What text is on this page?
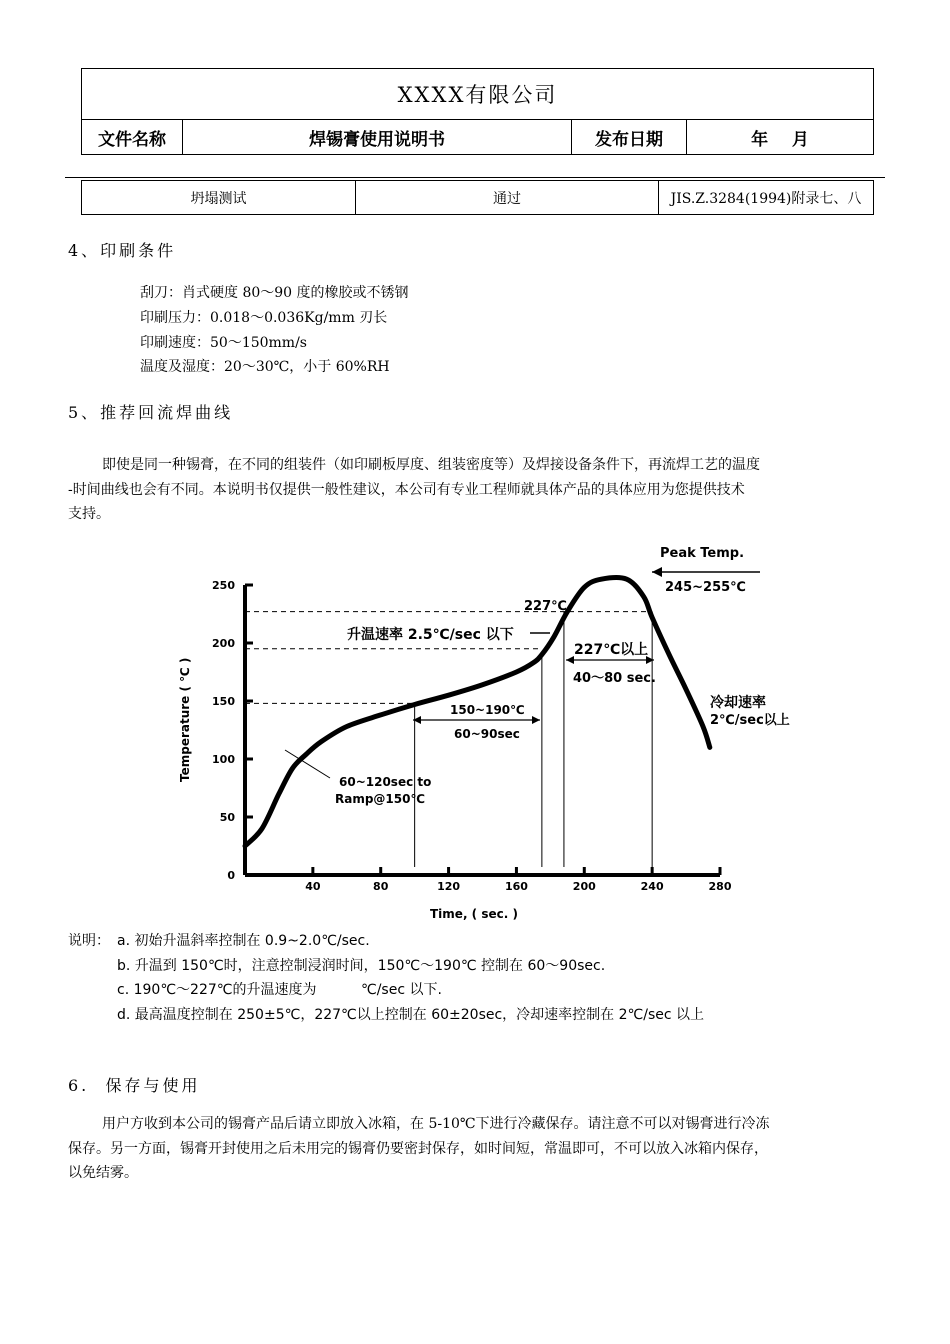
XXXX有限公司
文件名称	焊锡膏使用说明书	发布日期	年    月
坍塌测试	通过	JIS.Z.3284(1994)附录七、八
4、印刷条件
刮刀：肖式硬度 80～90 度的橡胶或不锈钢
印刷压力：0.018～0.036Kg/mm 刃长
印刷速度：50～150mm/s
温度及湿度：20～30℃，小于 60%RH
5、推荐回流焊曲线
即使是同一种锡膏，在不同的组装件（如印刷板厚度、组装密度等）及焊接设备条件下，再流焊工艺的温度
-时间曲线也会有不同。本说明书仅提供一般性建议，本公司有专业工程师就具体产品的具体应用为您提供技术
支持。
0
50
100
150
200
250
40	80	120	160	200	240	280
Peak Temp.
245~255℃
227℃
升温速率 2.5℃/sec 以下
227℃以上
40～80 sec.
150~190℃
60~90sec
60~120sec to
Ramp@150℃
冷却速率
2℃/sec以上
Time, ( sec. )
Temperature ( ℃ )
说明： a. 初始升温斜率控制在 0.9~2.0℃/sec.
b. 升温到 150℃时，注意控制浸润时间，150℃～190℃ 控制在 60～90sec.
c. 190℃～227℃的升温速度为          ℃/sec 以下.
d. 最高温度控制在 250±5℃，227℃以上控制在 60±20sec，冷却速率控制在 2℃/sec 以上
6.  保存与使用
用户方收到本公司的锡膏产品后请立即放入冰箱，在 5-10℃下进行冷藏保存。请注意不可以对锡膏进行冷冻
保存。另一方面，锡膏开封使用之后未用完的锡膏仍要密封保存，如时间短，常温即可，不可以放入冰箱内保存，
以免结雾。
